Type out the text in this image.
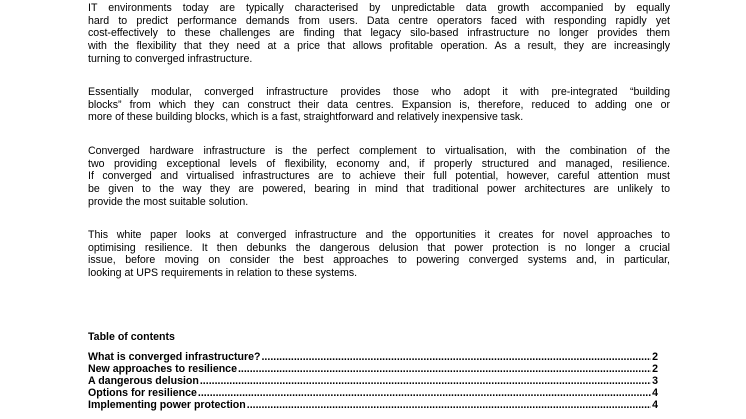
IT environments today are typically characterised by unpredictable data growth accompanied by equally
hard to predict performance demands from users. Data centre operators faced with responding rapidly yet
cost-effectively to these challenges are finding that legacy silo-based infrastructure no longer provides them
with the flexibility that they need at a price that allows profitable operation. As a result, they are increasingly
turning to converged infrastructure.

Essentially modular, converged infrastructure provides those who adopt it with pre-integrated “building
blocks” from which they can construct their data centres. Expansion is, therefore, reduced to adding one or
more of these building blocks, which is a fast, straightforward and relatively inexpensive task.

Converged hardware infrastructure is the perfect complement to virtualisation, with the combination of the
two providing exceptional levels of flexibility, economy and, if properly structured and managed, resilience.
If converged and virtualised infrastructures are to achieve their full potential, however, careful attention must
be given to the way they are powered, bearing in mind that traditional power architectures are unlikely to
provide the most suitable solution.

This white paper looks at converged infrastructure and the opportunities it creates for novel approaches to
optimising resilience. It then debunks the dangerous delusion that power protection is no longer a crucial
issue, before moving on consider the best approaches to powering converged systems and, in particular,
looking at UPS requirements in relation to these systems.

Table of contents
What is converged infrastructure? .....	2
New approaches to resilience .....	2
A dangerous delusion .....	3
Options for resilience .....	4
Implementing power protection .....	4
